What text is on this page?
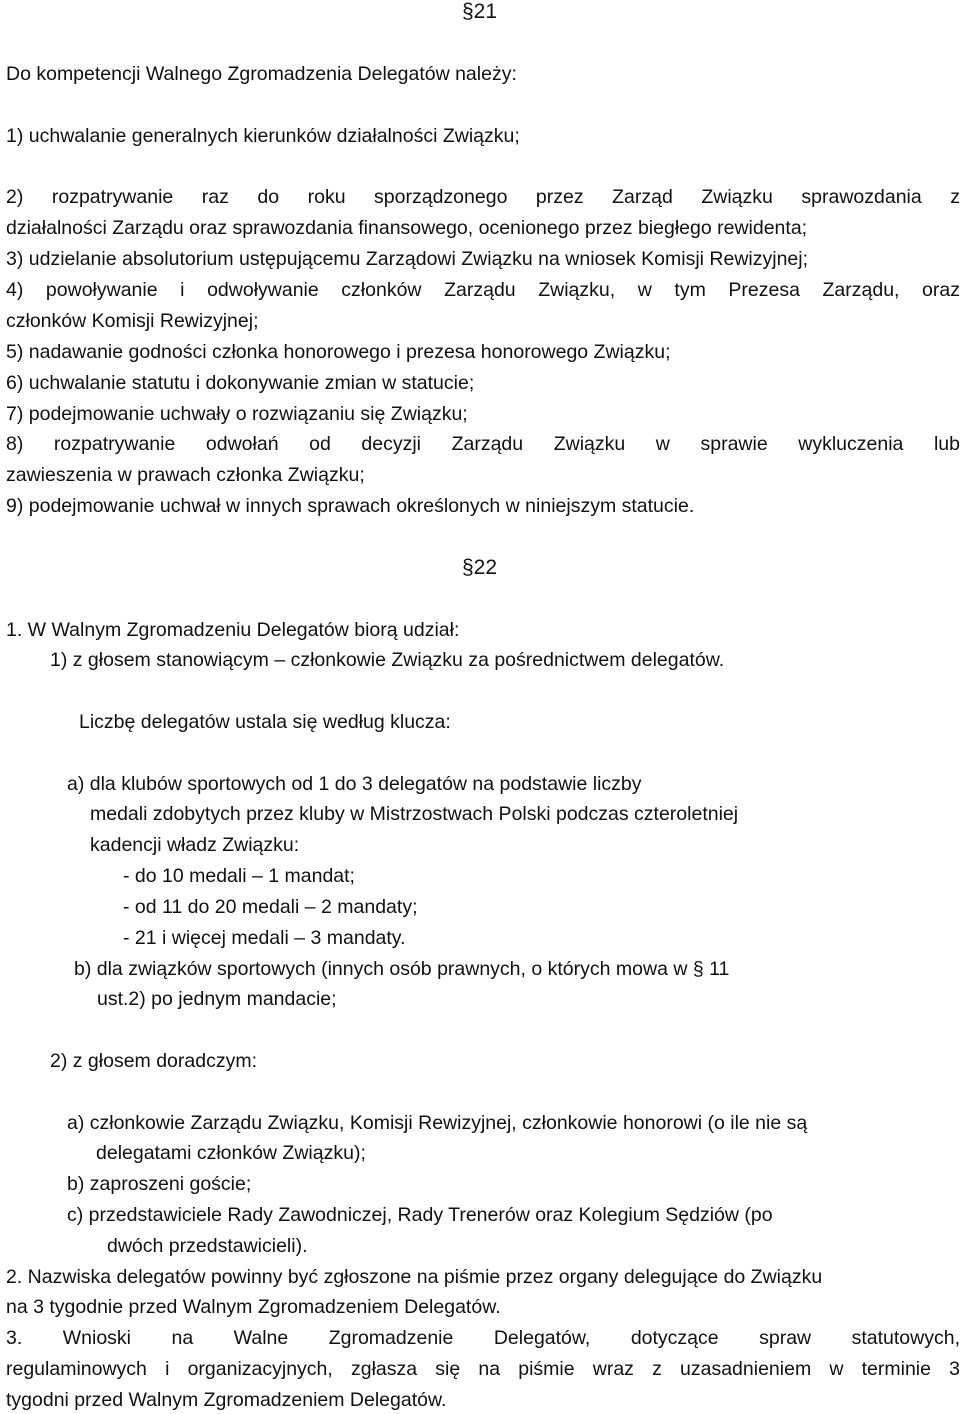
§21
Do kompetencji Walnego Zgromadzenia Delegatów należy:
1) uchwalanie generalnych kierunków działalności Związku;
2) rozpatrywanie raz do roku sporządzonego przez Zarząd Związku sprawozdania z
działalności Zarządu oraz sprawozdania finansowego, ocenionego przez biegłego rewidenta;
3) udzielanie absolutorium ustępującemu Zarządowi Związku na wniosek Komisji Rewizyjnej;
4) powoływanie i odwoływanie członków Zarządu Związku, w tym Prezesa Zarządu, oraz
członków Komisji Rewizyjnej;
5) nadawanie godności członka honorowego i prezesa honorowego Związku;
6) uchwalanie statutu i dokonywanie zmian w statucie;
7) podejmowanie uchwały o rozwiązaniu się Związku;
8) rozpatrywanie odwołań od decyzji Zarządu Związku w sprawie wykluczenia lub
zawieszenia w prawach członka Związku;
9) podejmowanie uchwał w innych sprawach określonych w niniejszym statucie.
§22
1. W Walnym Zgromadzeniu Delegatów biorą udział:
1) z głosem stanowiącym – członkowie Związku za pośrednictwem delegatów.
Liczbę delegatów ustala się według klucza:
a) dla klubów sportowych od 1 do 3 delegatów na podstawie liczby
medali zdobytych przez kluby w Mistrzostwach Polski podczas czteroletniej
kadencji władz Związku:
- do 10 medali – 1 mandat;
- od 11 do 20 medali – 2 mandaty;
- 21 i więcej medali – 3 mandaty.
b) dla związków sportowych (innych osób prawnych, o których mowa w § 11
ust.2) po jednym mandacie;
2) z głosem doradczym:
a) członkowie Zarządu Związku, Komisji Rewizyjnej, członkowie honorowi (o ile nie są
delegatami członków Związku);
b) zaproszeni goście;
c) przedstawiciele Rady Zawodniczej, Rady Trenerów oraz Kolegium Sędziów (po
dwóch przedstawicieli).
2. Nazwiska delegatów powinny być zgłoszone na piśmie przez organy delegujące do Związku
na 3 tygodnie przed Walnym Zgromadzeniem Delegatów.
3. Wnioski na Walne Zgromadzenie Delegatów, dotyczące spraw statutowych,
regulaminowych i organizacyjnych, zgłasza się na piśmie wraz z uzasadnieniem w terminie 3
tygodni przed Walnym Zgromadzeniem Delegatów.
